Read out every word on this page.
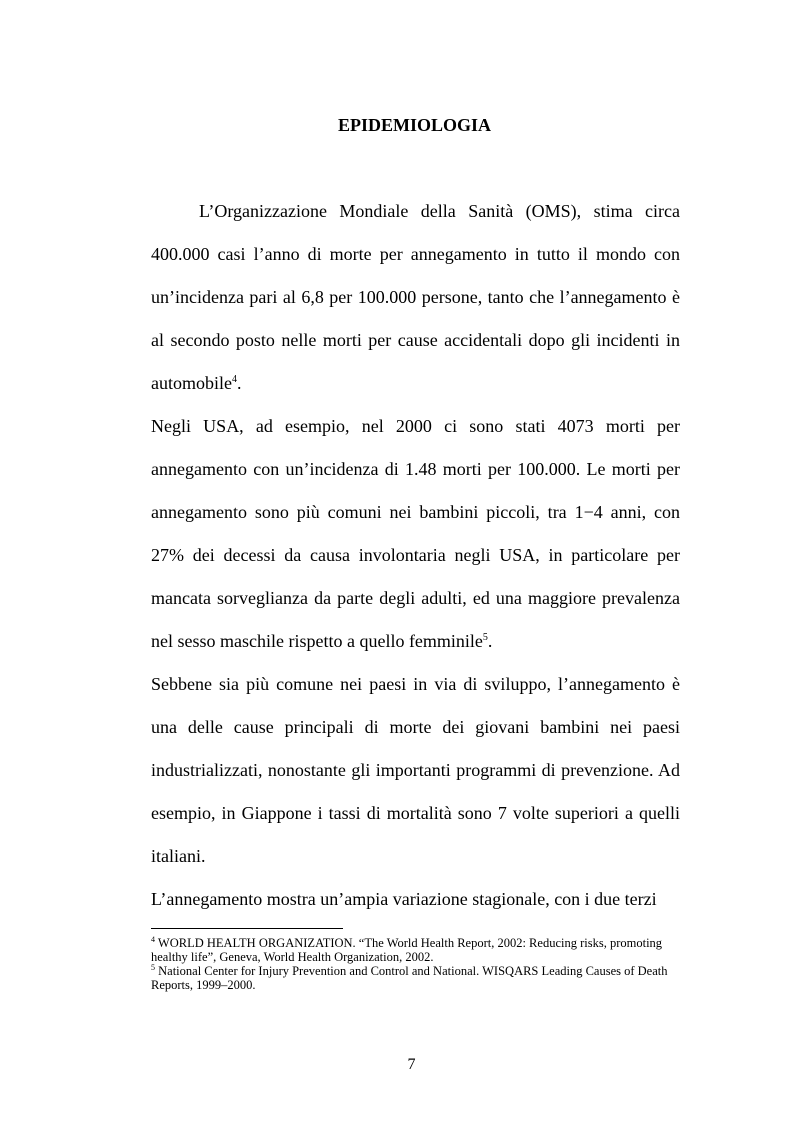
EPIDEMIOLOGIA

L’Organizzazione Mondiale della Sanità (OMS), stima circa 400.000 casi l’anno di morte per annegamento in tutto il mondo con un’incidenza pari al 6,8 per 100.000 persone, tanto che l’annegamento è al secondo posto nelle morti per cause accidentali dopo gli incidenti in automobile$^4$.

Negli USA, ad esempio, nel 2000 ci sono stati 4073 morti per annegamento con un’incidenza di 1.48 morti per 100.000. Le morti per annegamento sono più comuni nei bambini piccoli, tra 1−4 anni, con 27% dei decessi da causa involontaria negli USA, in particolare per mancata sorveglianza da parte degli adulti, ed una maggiore prevalenza nel sesso maschile rispetto a quello femminile$^5$.

Sebbene sia più comune nei paesi in via di sviluppo, l’annegamento è una delle cause principali di morte dei giovani bambini nei paesi industrializzati, nonostante gli importanti programmi di prevenzione. Ad esempio, in Giappone i tassi di mortalità sono 7 volte superiori a quelli italiani.

L’annegamento mostra un’ampia variazione stagionale, con i due terzi

$^4$ WORLD HEALTH ORGANIZATION. “The World Health Report, 2002: Reducing risks, promoting healthy life”, Geneva, World Health Organization, 2002.

$^5$ National Center for Injury Prevention and Control and National. WISQARS Leading Causes of Death Reports, 1999–2000.

7
